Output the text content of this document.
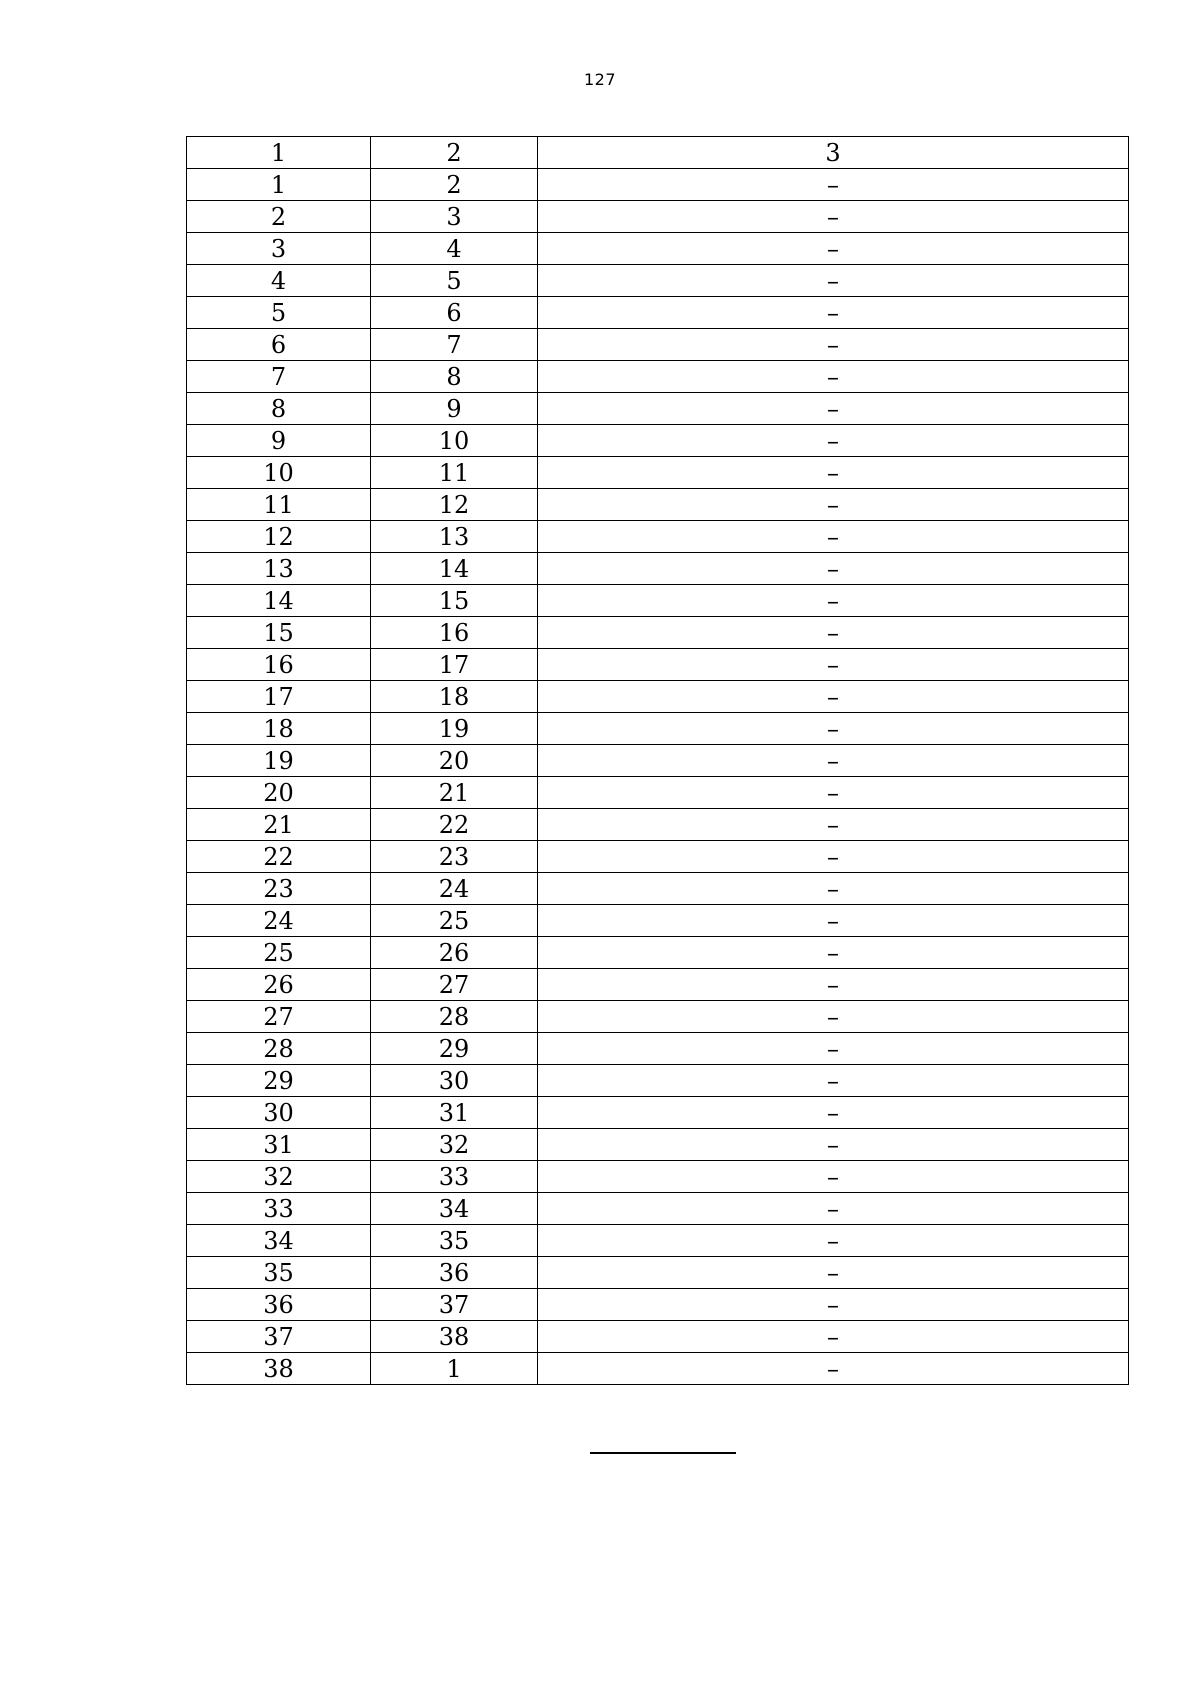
127
1	2	3
1	2	–
2	3	–
3	4	–
4	5	–
5	6	–
6	7	–
7	8	–
8	9	–
9	10	–
10	11	–
11	12	–
12	13	–
13	14	–
14	15	–
15	16	–
16	17	–
17	18	–
18	19	–
19	20	–
20	21	–
21	22	–
22	23	–
23	24	–
24	25	–
25	26	–
26	27	–
27	28	–
28	29	–
29	30	–
30	31	–
31	32	–
32	33	–
33	34	–
34	35	–
35	36	–
36	37	–
37	38	–
38	1	–
